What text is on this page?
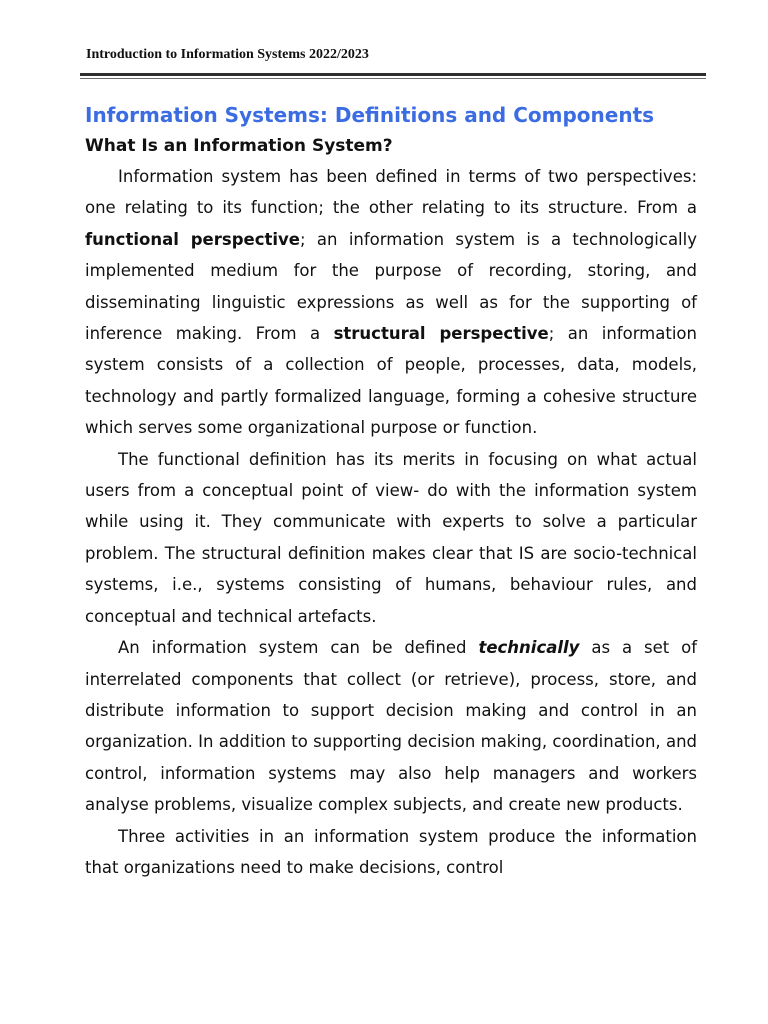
Introduction to Information Systems 2022/2023
Information Systems: Definitions and Components
What Is an Information System?

Information system has been defined in terms of two perspectives: one relating to its function; the other relating to its structure. From a functional perspective; an information system is a technologically implemented medium for the purpose of recording, storing, and disseminating linguistic expressions as well as for the supporting of inference making. From a structural perspective; an information system consists of a collection of people, processes, data, models, technology and partly formalized language, forming a cohesive structure which serves some organizational purpose or function.

The functional definition has its merits in focusing on what actual users from a conceptual point of view- do with the information system while using it. They communicate with experts to solve a particular problem. The structural definition makes clear that IS are socio-technical systems, i.e., systems consisting of humans, behaviour rules, and conceptual and technical artefacts.

An information system can be defined technically as a set of interrelated components that collect (or retrieve), process, store, and distribute information to support decision making and control in an organization. In addition to supporting decision making, coordination, and control, information systems may also help managers and workers analyse problems, visualize complex subjects, and create new products.

Three activities in an information system produce the information that organizations need to make decisions, control
